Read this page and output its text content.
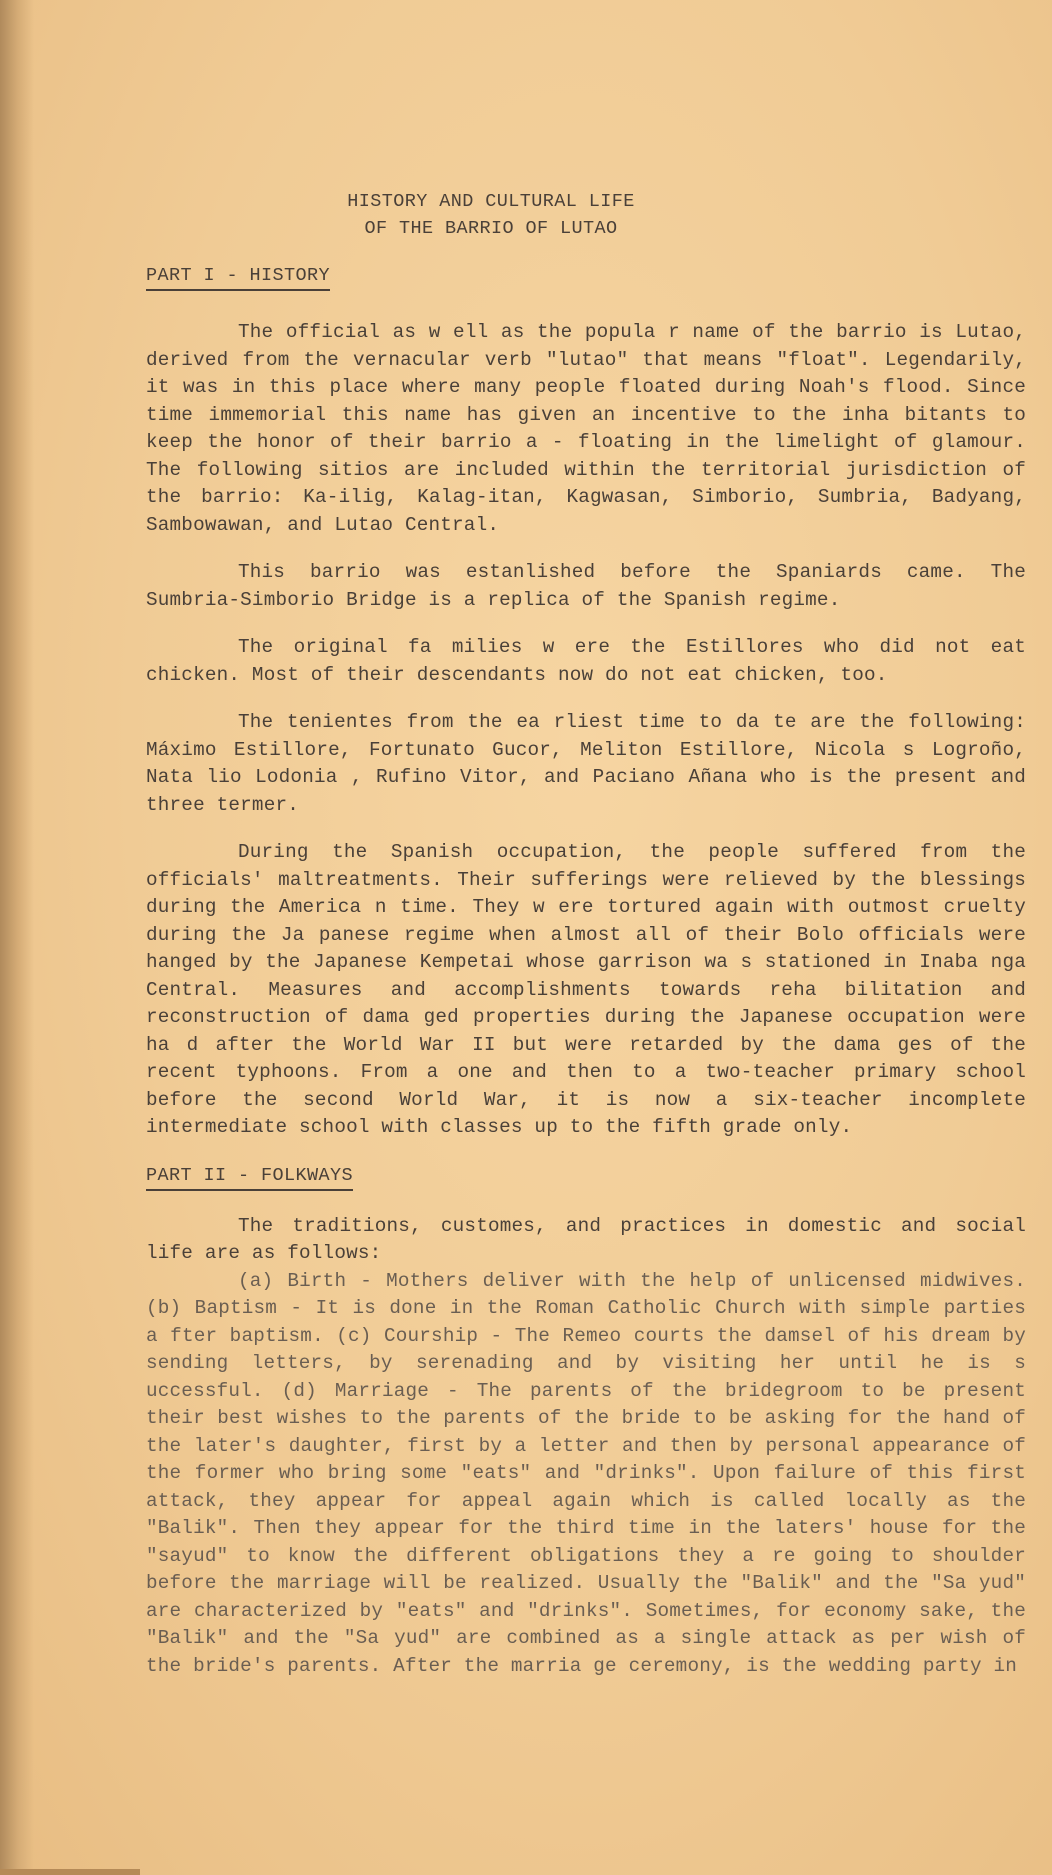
HISTORY AND CULTURAL LIFE
OF THE BARRIO OF LUTAO
PART I - HISTORY

The official as w ell as the popula r name of the barrio is Lutao, derived from the vernacular verb "lutao" that means "float". Legendarily, it was in this place where many people floated during Noah's flood. Since time immemorial this name has given an incentive to the inha bitants to keep the honor of their barrio a - floating in the limelight of glamour. The following sitios are included within the territorial jurisdiction of the barrio: Ka-ilig, Kalag-itan, Kagwasan, Simborio, Sumbria, Badyang, Sambowawan, and Lutao Central.

This barrio was estanlished before the Spaniards came. The Sumbria-Simborio Bridge is a replica of the Spanish regime.

The original fa milies w ere the Estillores who did not eat chicken. Most of their descendants now do not eat chicken, too.

The tenientes from the ea rliest time to da te are the following: Máximo Estillore, Fortunato Gucor, Meliton Estillore, Nicola s Logroño, Nata lio Lodonia , Rufino Vitor, and Paciano Añana who is the present and three termer.

During the Spanish occupation, the people suffered from the officials' maltreatments. Their sufferings were relieved by the blessings during the America n time. They w ere tortured again with outmost cruelty during the Ja panese regime when almost all of their Bolo officials were hanged by the Japanese Kempetai whose garrison wa s stationed in Inaba nga Central. Measures and accomplishments towards reha bilitation and reconstruction of dama ged properties during the Japanese occupation were ha d after the World War II but were retarded by the dama ges of the recent typhoons. From a one and then to a two-teacher primary school before the second World War, it is now a six-teacher incomplete intermediate school with classes up to the fifth grade only.

PART II - FOLKWAYS

The traditions, customes, and practices in domestic and social life are as follows:

(a) Birth - Mothers deliver with the help of unlicensed midwives. (b) Baptism - It is done in the Roman Catholic Church with simple parties a fter baptism. (c) Courship - The Remeo courts the damsel of his dream by sending letters, by serenading and by visiting her until he is s uccessful. (d) Marriage - The parents of the bridegroom to be present their best wishes to the parents of the bride to be asking for the hand of the later's daughter, first by a letter and then by personal appearance of the former who bring some "eats" and "drinks". Upon failure of this first attack, they appear for appeal again which is called locally as the "Balik". Then they appear for the third time in the laters' house for the "sayud" to know the different obligations they a re going to shoulder before the marriage will be realized. Usually the "Balik" and the "Sa yud" are characterized by "eats" and "drinks". Sometimes, for economy sake, the "Balik" and the "Sa yud" are combined as a single attack as per wish of the bride's parents. After the marria ge ceremony, is the wedding party in
